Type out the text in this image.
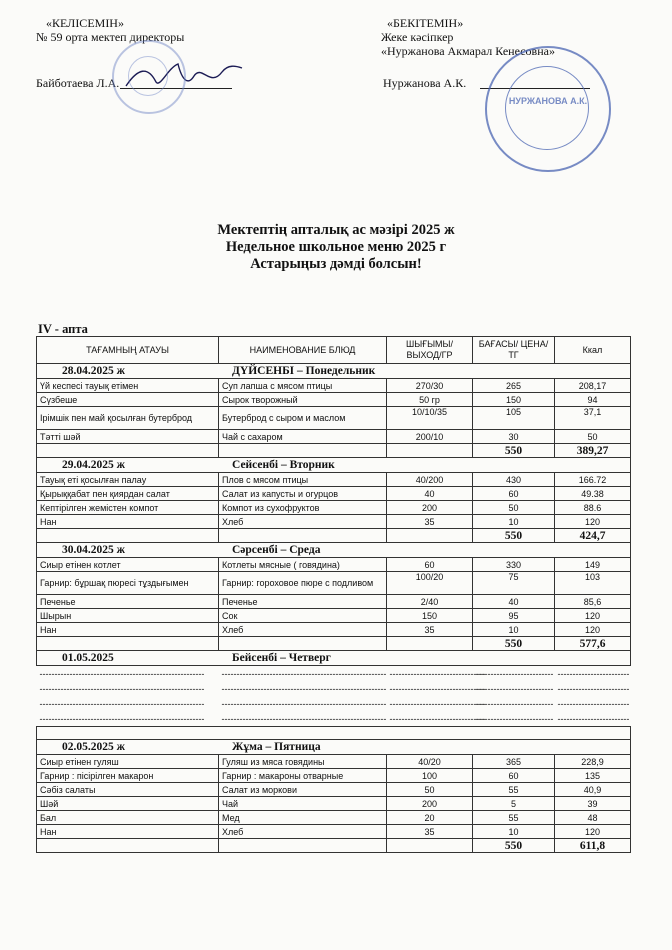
«КЕЛІСЕМІН»
№ 59 орта мектеп директоры
Байботаева Л.А.
«БЕКІТЕМІН»
Жеке кәсіпкер
«Нуржанова Акмарал Кенесовна»
Нуржанова А.К.
НУРЖАНОВА А.К.
Мектептің апталық ас мәзірі 2025 ж
Недельное школьное меню 2025 г
Астарыңыз дәмді болсын!
IV - апта
ТАҒАМНЫҢ АТАУЫ	НАИМЕНОВАНИЕ БЛЮД	ШЫҒЫМЫ/ ВЫХОД/ГР	БАҒАСЫ/ ЦЕНА/ТГ	Ккал
28.04.2025 ж ДҮЙСЕНБІ – Понедельник				
Үй кеспесі тауық етімен	Суп лапша с мясом птицы	270/30	265	208,17
Сүзбеше	Сырок творожный	50 гр	150	94
Ірімшік пен май қосылған бутерброд	Бутерброд с сыром и маслом	10/10/35	105	37,1
Тәтті шәй	Чай с сахаром	200/10	30	50
			550	389,27
29.04.2025 ж Сейсенбі – Вторник				
Тауық еті қосылған палау	Плов с мясом птицы	40/200	430	166.72
Қырыққабат пен қиярдан салат	Салат из капусты и огурцов	40	60	49.38
Кептірілген жемістен компот	Компот из сухофруктов	200	50	88.6
Нан	Хлеб	35	10	120
			550	424,7
30.04.2025 ж Сәрсенбі – Среда				
Сиыр етінен котлет	Котлеты мясные ( говядина)	60	330	149
Гарнир: бұршақ пюресі тұздығымен	Гарнир: гороховое пюре с подливом	100/20	75	103
Печенье	Печенье	2/40	40	85,6
Шырын	Сок	150	95	120
Нан	Хлеб	35	10	120
			550	577,6
01.05.2025 Бейсенбі – Четверг				
-------------------------------------------------------	-------------------------------------------------------	--------------------------------	--------------------------	------------------------
-------------------------------------------------------	-------------------------------------------------------	--------------------------------	--------------------------	------------------------
-------------------------------------------------------	-------------------------------------------------------	--------------------------------	--------------------------	------------------------
-------------------------------------------------------	-------------------------------------------------------	--------------------------------	--------------------------	------------------------

02.05.2025 ж Жұма – Пятница				
Сиыр етінен гуляш	Гуляш из мяса говядины	40/20	365	228,9
Гарнир : пісірілген макарон	Гарнир : макароны отварные	100	60	135
Сәбіз салаты	Салат из моркови	50	55	40,9
Шәй	Чай	200	5	39
Бал	Мед	20	55	48
Нан	Хлеб	35	10	120
			550	611,8
